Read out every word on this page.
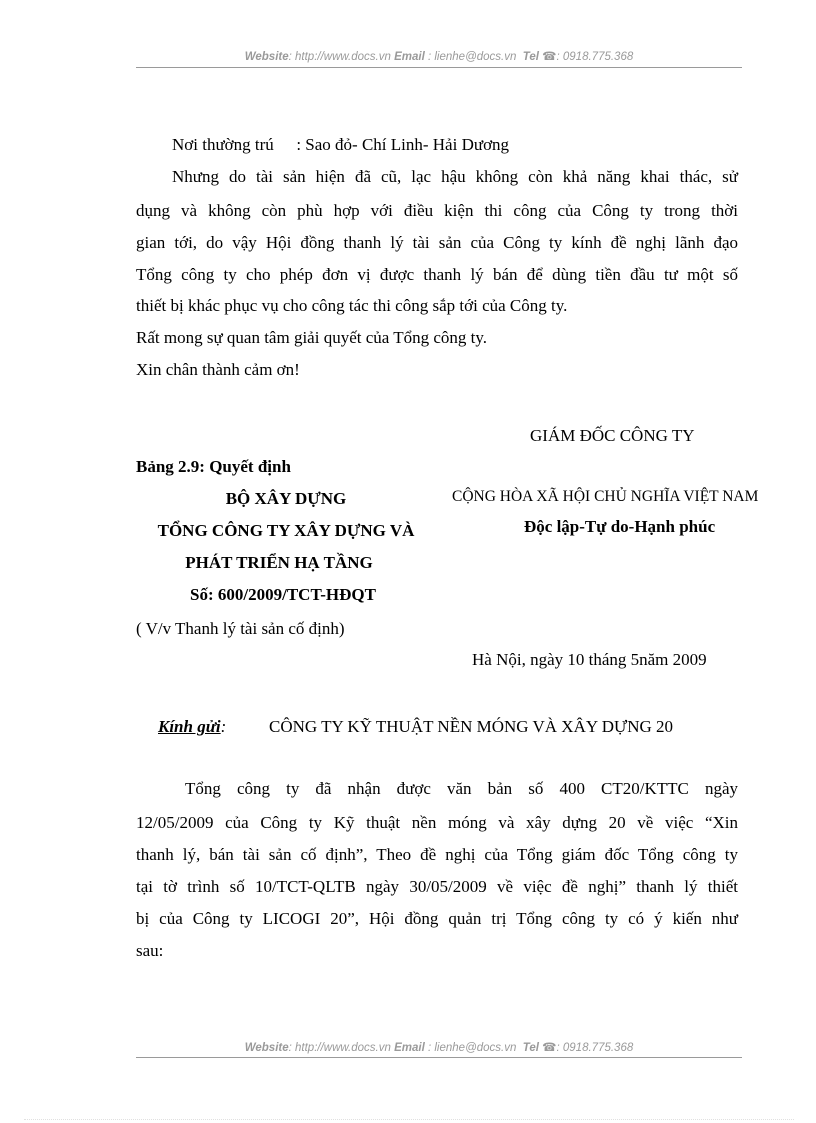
Website: http://www.docs.vn Email : lienhe@docs.vn Tel ☎: 0918.775.368
Nơi thường trú : Sao đỏ- Chí Linh- Hải Dương
Nhưng do tài sản hiện đã cũ, lạc hậu không còn khả năng khai thác, sử
dụng và không còn phù hợp với điều kiện thi công của Công ty trong thời
gian tới, do vậy Hội đồng thanh lý tài sản của Công ty kính đề nghị lãnh đạo
Tổng công ty cho phép đơn vị được thanh lý bán để dùng tiền đầu tư một số
thiết bị khác phục vụ cho công tác thi công sắp tới của Công ty.
Rất mong sự quan tâm giải quyết của Tổng công ty.
Xin chân thành cảm ơn!
GIÁM ĐỐC CÔNG TY
Bảng 2.9: Quyết định
BỘ XÂY DỰNG
TỔNG CÔNG TY XÂY DỰNG VÀ
PHÁT TRIỂN HẠ TẦNG
Số: 600/2009/TCT-HĐQT
( V/v Thanh lý tài sản cố định)
CỘNG HÒA XÃ HỘI CHỦ NGHĨA VIỆT NAM
Độc lập-Tự do-Hạnh phúc
Hà Nội, ngày 10 tháng 5năm 2009
Kính gửi:	CÔNG TY KỸ THUẬT NỀN MÓNG VÀ XÂY DỰNG 20
Tổng công ty đã nhận được văn bản số 400 CT20/KTTC ngày
12/05/2009 của Công ty Kỹ thuật nền móng và xây dựng 20 về việc “Xin
thanh lý, bán tài sản cố định”, Theo đề nghị của Tổng giám đốc Tổng công ty
tại tờ trình số 10/TCT-QLTB ngày 30/05/2009 về việc đề nghị” thanh lý thiết
bị của Công ty LICOGI 20”, Hội đồng quản trị Tổng công ty có ý kiến như
sau:
Website: http://www.docs.vn Email : lienhe@docs.vn Tel ☎: 0918.775.368
